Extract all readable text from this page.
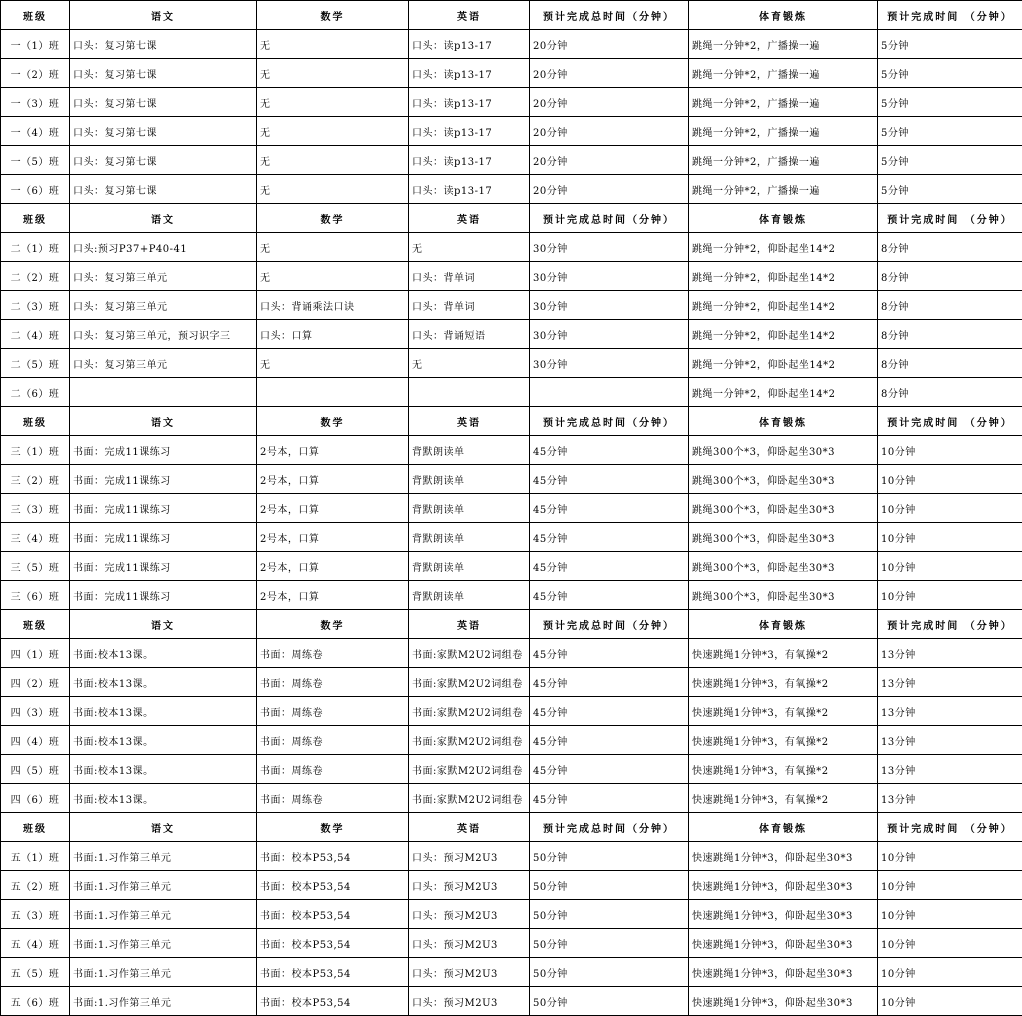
班级	语文	数学	英语	预计完成总时间（分钟）	体育锻炼	预计完成时间 （分钟）
一（1）班	口头：复习第七课	无	口头：读p13-17	20分钟	跳绳一分钟*2，广播操一遍	5分钟
一（2）班	口头：复习第七课	无	口头：读p13-17	20分钟	跳绳一分钟*2，广播操一遍	5分钟
一（3）班	口头：复习第七课	无	口头：读p13-17	20分钟	跳绳一分钟*2，广播操一遍	5分钟
一（4）班	口头：复习第七课	无	口头：读p13-17	20分钟	跳绳一分钟*2，广播操一遍	5分钟
一（5）班	口头：复习第七课	无	口头：读p13-17	20分钟	跳绳一分钟*2，广播操一遍	5分钟
一（6）班	口头：复习第七课	无	口头：读p13-17	20分钟	跳绳一分钟*2，广播操一遍	5分钟
班级	语文	数学	英语	预计完成总时间（分钟）	体育锻炼	预计完成时间 （分钟）
二（1）班	口头:预习P37+P40-41	无	无	30分钟	跳绳一分钟*2，仰卧起坐14*2	8分钟
二（2）班	口头：复习第三单元	无	口头：背单词	30分钟	跳绳一分钟*2，仰卧起坐14*2	8分钟
二（3）班	口头：复习第三单元	口头：背诵乘法口诀	口头：背单词	30分钟	跳绳一分钟*2，仰卧起坐14*2	8分钟
二（4）班	口头：复习第三单元，预习识字三	口头：口算	口头：背诵短语	30分钟	跳绳一分钟*2，仰卧起坐14*2	8分钟
二（5）班	口头：复习第三单元	无	无	30分钟	跳绳一分钟*2，仰卧起坐14*2	8分钟
二（6）班					跳绳一分钟*2，仰卧起坐14*2	8分钟
班级	语文	数学	英语	预计完成总时间（分钟）	体育锻炼	预计完成时间 （分钟）
三（1）班	书面：完成11课练习	2号本，口算	背默朗读单	45分钟	跳绳300个*3，仰卧起坐30*3	10分钟
三（2）班	书面：完成11课练习	2号本，口算	背默朗读单	45分钟	跳绳300个*3，仰卧起坐30*3	10分钟
三（3）班	书面：完成11课练习	2号本，口算	背默朗读单	45分钟	跳绳300个*3，仰卧起坐30*3	10分钟
三（4）班	书面：完成11课练习	2号本，口算	背默朗读单	45分钟	跳绳300个*3，仰卧起坐30*3	10分钟
三（5）班	书面：完成11课练习	2号本，口算	背默朗读单	45分钟	跳绳300个*3，仰卧起坐30*3	10分钟
三（6）班	书面：完成11课练习	2号本，口算	背默朗读单	45分钟	跳绳300个*3，仰卧起坐30*3	10分钟
班级	语文	数学	英语	预计完成总时间（分钟）	体育锻炼	预计完成时间 （分钟）
四（1）班	书面:校本13课。	书面：周练卷	书面:家默M2U2词组卷	45分钟	快速跳绳1分钟*3，有氧操*2	13分钟
四（2）班	书面:校本13课。	书面：周练卷	书面:家默M2U2词组卷	45分钟	快速跳绳1分钟*3，有氧操*2	13分钟
四（3）班	书面:校本13课。	书面：周练卷	书面:家默M2U2词组卷	45分钟	快速跳绳1分钟*3，有氧操*2	13分钟
四（4）班	书面:校本13课。	书面：周练卷	书面:家默M2U2词组卷	45分钟	快速跳绳1分钟*3，有氧操*2	13分钟
四（5）班	书面:校本13课。	书面：周练卷	书面:家默M2U2词组卷	45分钟	快速跳绳1分钟*3，有氧操*2	13分钟
四（6）班	书面:校本13课。	书面：周练卷	书面:家默M2U2词组卷	45分钟	快速跳绳1分钟*3，有氧操*2	13分钟
班级	语文	数学	英语	预计完成总时间（分钟）	体育锻炼	预计完成时间 （分钟）
五（1）班	书面:1.习作第三单元	书面：校本P53,54	口头：预习M2U3	50分钟	快速跳绳1分钟*3，仰卧起坐30*3	10分钟
五（2）班	书面:1.习作第三单元	书面：校本P53,54	口头：预习M2U3	50分钟	快速跳绳1分钟*3，仰卧起坐30*3	10分钟
五（3）班	书面:1.习作第三单元	书面：校本P53,54	口头：预习M2U3	50分钟	快速跳绳1分钟*3，仰卧起坐30*3	10分钟
五（4）班	书面:1.习作第三单元	书面：校本P53,54	口头：预习M2U3	50分钟	快速跳绳1分钟*3，仰卧起坐30*3	10分钟
五（5）班	书面:1.习作第三单元	书面：校本P53,54	口头：预习M2U3	50分钟	快速跳绳1分钟*3，仰卧起坐30*3	10分钟
五（6）班	书面:1.习作第三单元	书面：校本P53,54	口头：预习M2U3	50分钟	快速跳绳1分钟*3，仰卧起坐30*3	10分钟
